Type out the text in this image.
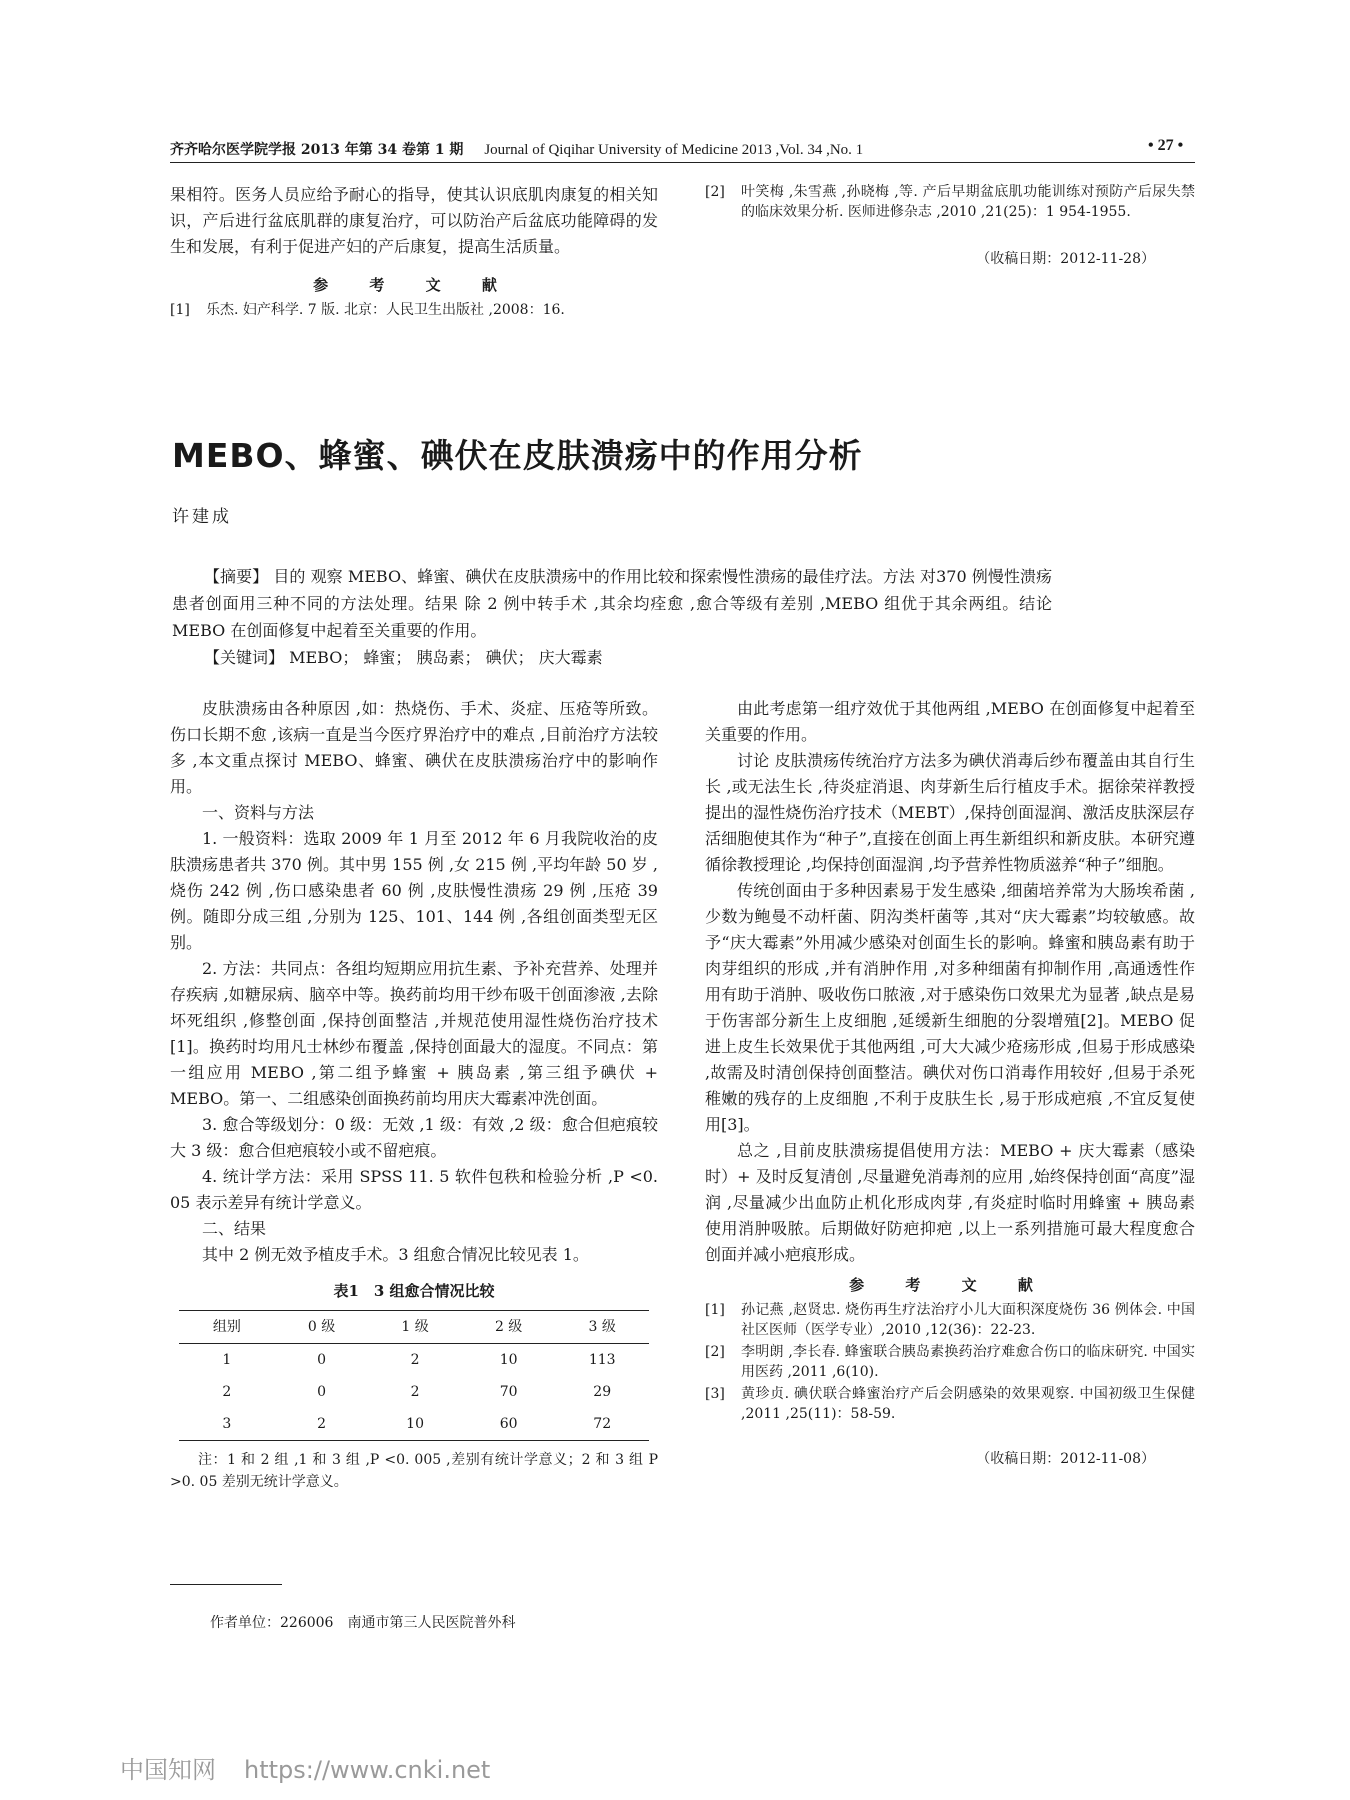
齐齐哈尔医学院学报 2013 年第 34 卷第 1 期 Journal of Qiqihar University of Medicine 2013 ,Vol. 34 ,No. 1	• 27 •

果相符。医务人员应给予耐心的指导，使其认识底肌肉康复的相关知识，产后进行盆底肌群的康复治疗，可以防治产后盆底功能障碍的发生和发展，有利于促进产妇的产后康复，提高生活质量。

参 考 文 献
[1]	乐杰. 妇产科学. 7 版. 北京：人民卫生出版社 ,2008：16.
[2]	叶笑梅 ,朱雪燕 ,孙晓梅 ,等. 产后早期盆底肌功能训练对预防产后尿失禁的临床效果分析. 医师进修杂志 ,2010 ,21(25)：1 954-1955.
（收稿日期：2012-11-28）
MEBO、蜂蜜、碘伏在皮肤溃疡中的作用分析
许建成

【摘要】 目的 观察 MEBO、蜂蜜、碘伏在皮肤溃疡中的作用比较和探索慢性溃疡的最佳疗法。方法 对370 例慢性溃疡患者创面用三种不同的方法处理。结果 除 2 例中转手术 ,其余均痊愈 ,愈合等级有差别 ,MEBO 组优于其余两组。结论 MEBO 在创面修复中起着至关重要的作用。

【关键词】 MEBO； 蜂蜜； 胰岛素； 碘伏； 庆大霉素

皮肤溃疡由各种原因 ,如：热烧伤、手术、炎症、压疮等所致。伤口长期不愈 ,该病一直是当今医疗界治疗中的难点 ,目前治疗方法较多 ,本文重点探讨 MEBO、蜂蜜、碘伏在皮肤溃疡治疗中的影响作用。

一、资料与方法

1. 一般资料：选取 2009 年 1 月至 2012 年 6 月我院收治的皮肤溃疡患者共 370 例。其中男 155 例 ,女 215 例 ,平均年龄 50 岁 ,烧伤 242 例 ,伤口感染患者 60 例 ,皮肤慢性溃疡 29 例 ,压疮 39 例。随即分成三组 ,分别为 125、101、144 例 ,各组创面类型无区别。

2. 方法：共同点：各组均短期应用抗生素、予补充营养、处理并存疾病 ,如糖尿病、脑卒中等。换药前均用干纱布吸干创面渗液 ,去除坏死组织 ,修整创面 ,保持创面整洁 ,并规范使用湿性烧伤治疗技术[1]。换药时均用凡士林纱布覆盖 ,保持创面最大的湿度。不同点：第一组应用 MEBO ,第二组予蜂蜜 + 胰岛素 ,第三组予碘伏 + MEBO。第一、二组感染创面换药前均用庆大霉素冲洗创面。

3. 愈合等级划分：0 级：无效 ,1 级：有效 ,2 级：愈合但疤痕较大 3 级：愈合但疤痕较小或不留疤痕。

4. 统计学方法：采用 SPSS 11. 5 软件包秩和检验分析 ,P <0. 05 表示差异有统计学意义。

二、结果

其中 2 例无效予植皮手术。3 组愈合情况比较见表 1。

表1　3 组愈合情况比较
组别	0 级	1 级	2 级	3 级
1	0	2	10	113
2	0	2	70	29
3	2	10	60	72
注：1 和 2 组 ,1 和 3 组 ,P <0. 005 ,差别有统计学意义；2 和 3 组 P >0. 05 差别无统计学意义。

由此考虑第一组疗效优于其他两组 ,MEBO 在创面修复中起着至关重要的作用。

讨论 皮肤溃疡传统治疗方法多为碘伏消毒后纱布覆盖由其自行生长 ,或无法生长 ,待炎症消退、肉芽新生后行植皮手术。据徐荣祥教授提出的湿性烧伤治疗技术（MEBT）,保持创面湿润、激活皮肤深层存活细胞使其作为“种子”,直接在创面上再生新组织和新皮肤。本研究遵循徐教授理论 ,均保持创面湿润 ,均予营养性物质滋养“种子”细胞。

传统创面由于多种因素易于发生感染 ,细菌培养常为大肠埃希菌 ,少数为鲍曼不动杆菌、阴沟类杆菌等 ,其对“庆大霉素”均较敏感。故予“庆大霉素”外用减少感染对创面生长的影响。蜂蜜和胰岛素有助于肉芽组织的形成 ,并有消肿作用 ,对多种细菌有抑制作用 ,高通透性作用有助于消肿、吸收伤口脓液 ,对于感染伤口效果尤为显著 ,缺点是易于伤害部分新生上皮细胞 ,延缓新生细胞的分裂增殖[2]。MEBO 促进上皮生长效果优于其他两组 ,可大大减少疮疡形成 ,但易于形成感染 ,故需及时清创保持创面整洁。碘伏对伤口消毒作用较好 ,但易于杀死稚嫩的残存的上皮细胞 ,不利于皮肤生长 ,易于形成疤痕 ,不宜反复使用[3]。

总之 ,目前皮肤溃疡提倡使用方法：MEBO + 庆大霉素（感染时）+ 及时反复清创 ,尽量避免消毒剂的应用 ,始终保持创面“高度”湿润 ,尽量减少出血防止机化形成肉芽 ,有炎症时临时用蜂蜜 + 胰岛素使用消肿吸脓。后期做好防疤抑疤 ,以上一系列措施可最大程度愈合创面并减小疤痕形成。

参 考 文 献
[1]	孙记燕 ,赵贤忠. 烧伤再生疗法治疗小儿大面积深度烧伤 36 例体会. 中国社区医师（医学专业）,2010 ,12(36)：22-23.
[2]	李明朗 ,李长春. 蜂蜜联合胰岛素换药治疗难愈合伤口的临床研究. 中国实用医药 ,2011 ,6(10).
[3]	黄珍贞. 碘伏联合蜂蜜治疗产后会阴感染的效果观察. 中国初级卫生保健 ,2011 ,25(11)：58-59.
（收稿日期：2012-11-08）
作者单位：226006　南通市第三人民医院普外科
中国知网 https://www.cnki.net
